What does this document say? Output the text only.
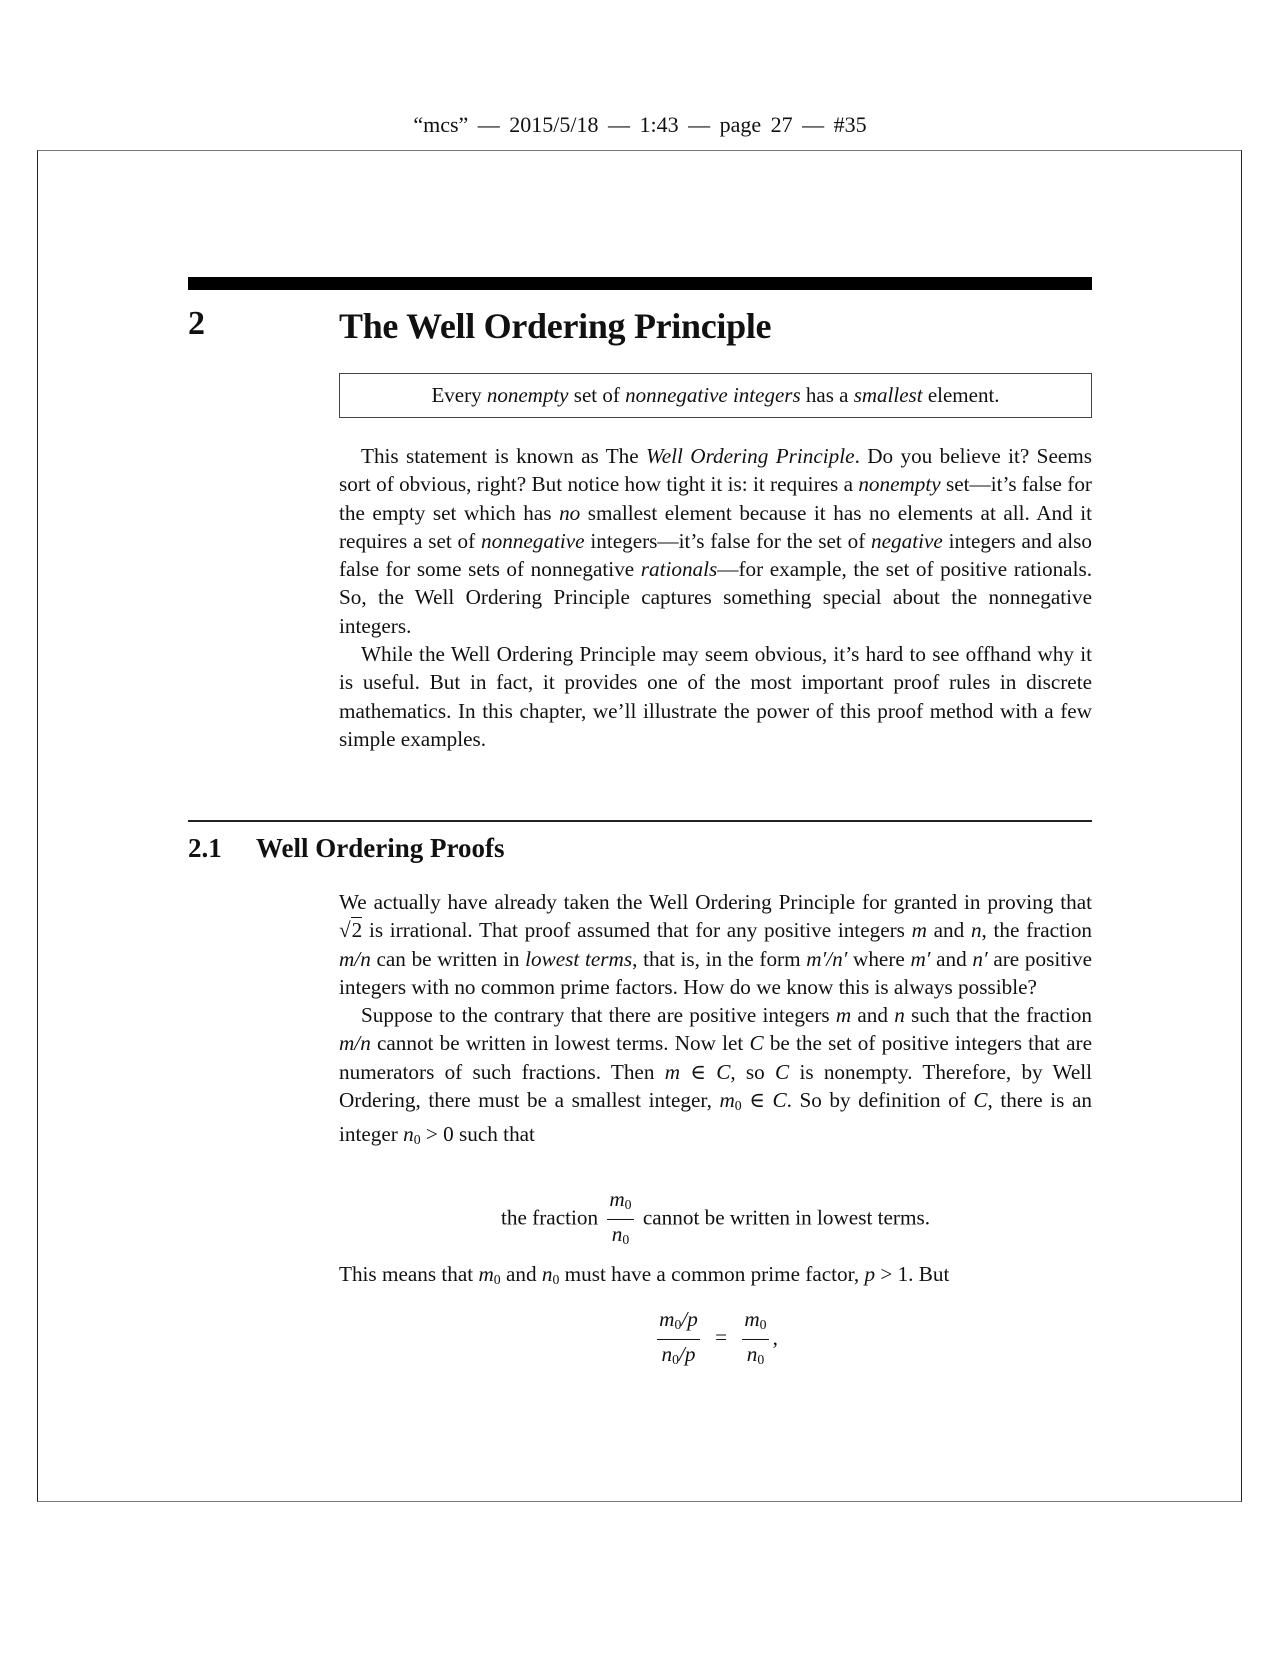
“mcs” — 2015/5/18 — 1:43 — page 27 — #35
2	The Well Ordering Principle
Every nonempty set of nonnegative integers has a smallest element.

This statement is known as The Well Ordering Principle. Do you believe it? Seems sort of obvious, right? But notice how tight it is: it requires a nonempty set—it’s false for the empty set which has no smallest element because it has no elements at all. And it requires a set of nonnegative integers—it’s false for the set of negative integers and also false for some sets of nonnegative rationals—for example, the set of positive rationals. So, the Well Ordering Principle captures something special about the nonnegative integers.

While the Well Ordering Principle may seem obvious, it’s hard to see offhand why it is useful. But in fact, it provides one of the most important proof rules in discrete mathematics. In this chapter, we’ll illustrate the power of this proof method with a few simple examples.

2.1 Well Ordering Proofs

We actually have already taken the Well Ordering Principle for granted in proving that √2 is irrational. That proof assumed that for any positive integers m and n, the fraction m/n can be written in lowest terms, that is, in the form m′/n′ where m′ and n′ are positive integers with no common prime factors. How do we know this is always possible?

Suppose to the contrary that there are positive integers m and n such that the fraction m/n cannot be written in lowest terms. Now let C be the set of positive integers that are numerators of such fractions. Then m ∈ C, so C is nonempty. Therefore, by Well Ordering, there must be a smallest integer, $m_0$ ∈ C. So by definition of C, there is an integer $n_0 > 0$ such that

the fraction $\frac{m_0}{n_0}$ cannot be written in lowest terms.

This means that $m_0$ and $n_0$ must have a common prime factor, p > 1. But

$\frac{m_0/p}{n_0/p} = \frac{m_0}{n_0}$ ,
